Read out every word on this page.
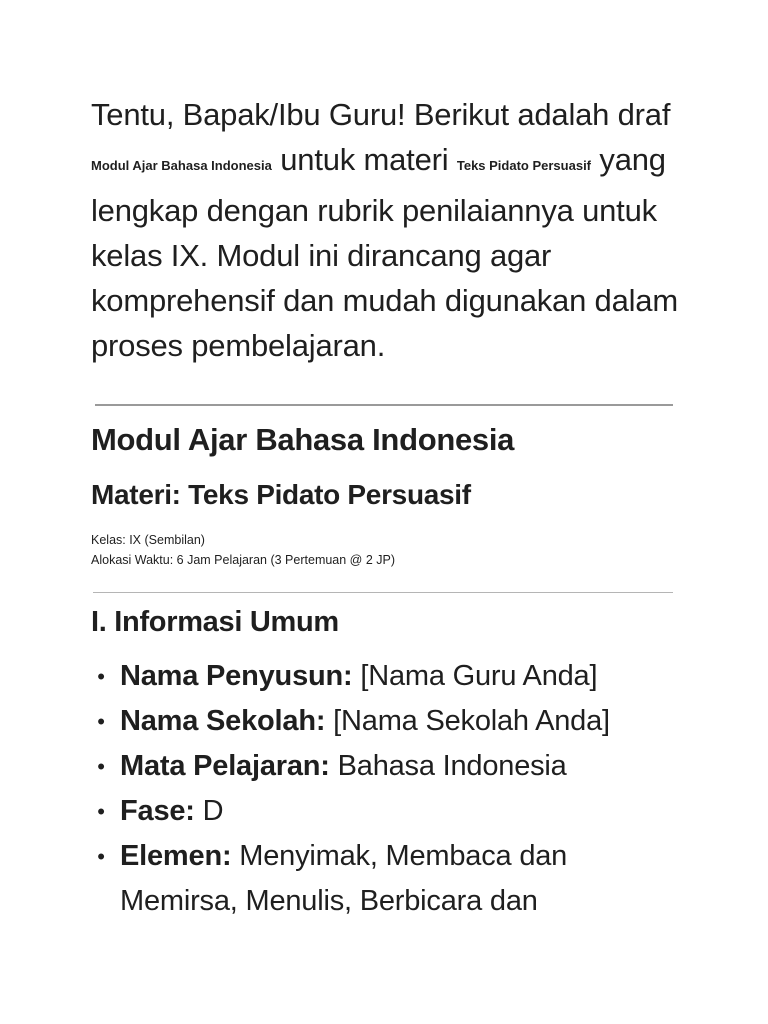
Tentu, Bapak/Ibu Guru! Berikut adalah draf Modul Ajar Bahasa Indonesia untuk materi Teks Pidato Persuasif yang lengkap dengan rubrik penilaiannya untuk kelas IX. Modul ini dirancang agar komprehensif dan mudah digunakan dalam proses pembelajaran.

Modul Ajar Bahasa Indonesia
Materi: Teks Pidato Persuasif

Kelas: IX (Sembilan)
Alokasi Waktu: 6 Jam Pelajaran (3 Pertemuan @ 2 JP)

I. Informasi Umum
• Nama Penyusun: [Nama Guru Anda]
• Nama Sekolah: [Nama Sekolah Anda]
• Mata Pelajaran: Bahasa Indonesia
• Fase: D
• Elemen: Menyimak, Membaca dan Memirsa, Menulis, Berbicara dan
